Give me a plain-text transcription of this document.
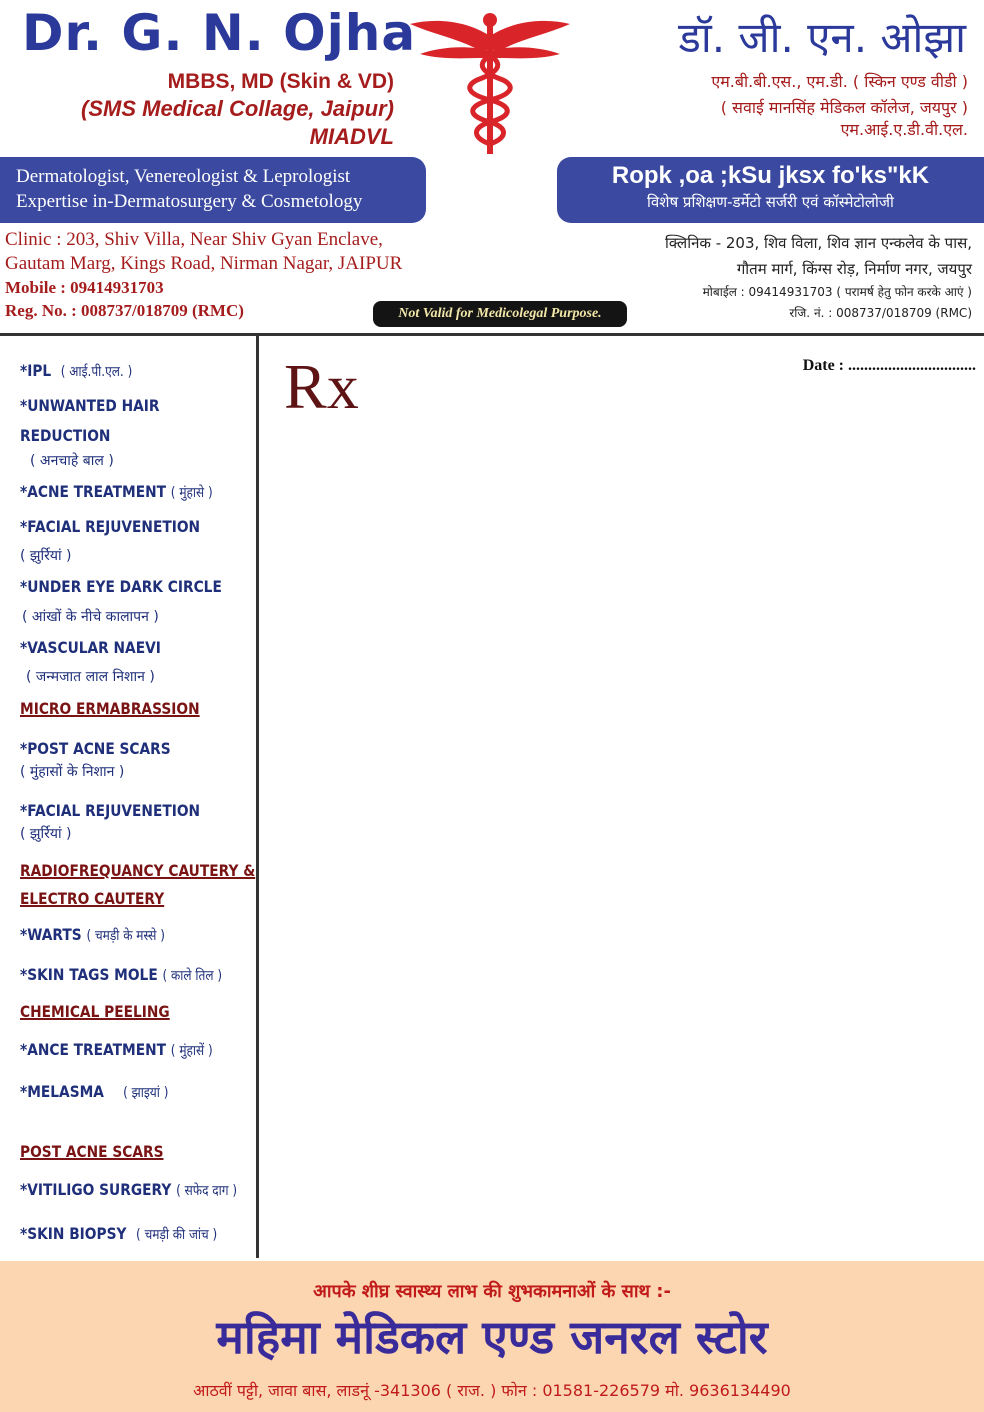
Dr. G. N. Ojha
MBBS, MD (Skin & VD)
(SMS Medical Collage, Jaipur)
MIADVL
डॉ. जी. एन. ओझा
एम.बी.बी.एस., एम.डी. ( स्किन एण्ड वीडी )
( सवाई मानसिंह मेडिकल कॉलेज, जयपुर )
एम.आई.ए.डी.वी.एल.
Dermatologist, Venereologist & Leprologist
Expertise in-Dermatosurgery & Cosmetology
Ropk ,oa ;kSu jksx fo'ks"kK
विशेष प्रशिक्षण-डर्मेटो सर्जरी एवं कॉस्मेटोलोजी
Clinic : 203, Shiv Villa, Near Shiv Gyan Enclave,
Gautam Marg, Kings Road, Nirman Nagar, JAIPUR
Mobile : 09414931703
Reg. No. : 008737/018709 (RMC)
क्लिनिक - 203, शिव विला, शिव ज्ञान एन्कलेव के पास,
गौतम मार्ग, किंग्स रोड़, निर्माण नगर, जयपुर
मोबाईल : 09414931703 ( परामर्ष हेतु फोन करके आएं )
रजि. नं. : 008737/018709 (RMC)
Not Valid for Medicolegal Purpose.
*IPL ( आई.पी.एल. )
*UNWANTED HAIR
REDUCTION
( अनचाहे बाल )
*ACNE TREATMENT ( मुंहासे )
*FACIAL REJUVENETION
( झुर्रियां )
*UNDER EYE DARK CIRCLE
( आंखों के नीचे कालापन )
*VASCULAR NAEVI
( जन्मजात लाल निशान )
MICRO ERMABRASSION
*POST ACNE SCARS
( मुंहासों के निशान )
*FACIAL REJUVENETION
( झुर्रियां )
RADIOFREQUANCY CAUTERY &
ELECTRO CAUTERY
*WARTS ( चमड़ी के मस्से )
*SKIN TAGS MOLE ( काले तिल )
CHEMICAL PEELING
*ANCE TREATMENT ( मुंहासें )
*MELASMA ( झाइयां )
POST ACNE SCARS
*VITILIGO SURGERY ( सफेद दाग )
*SKIN BIOPSY ( चमड़ी की जांच )
Rx	Date : ................................
आपके शीघ्र स्वास्थ्य लाभ की शुभकामनाओं के साथ :-
महिमा मेडिकल एण्ड जनरल स्टोर
आठवीं पट्टी, जावा बास, लाडनूं -341306 ( राज. ) फोन : 01581-226579 मो. 9636134490
